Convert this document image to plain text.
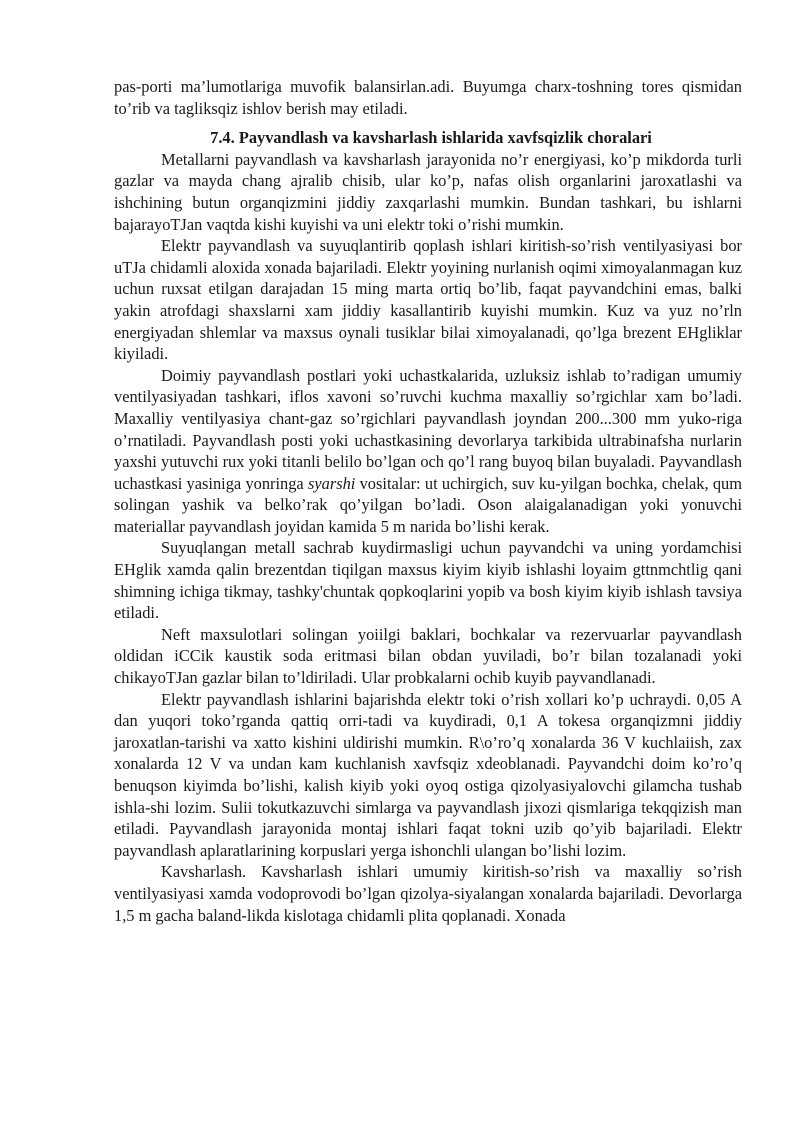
pas-porti ma’lumotlariga muvofik balansirlan.adi. Buyumga charx-toshning tores qismidan to’rib va tagliksqiz ishlov berish may etiladi.

7.4. Payvandlash va kavsharlash ishlarida xavfsqizlik choralari

Metallarni payvandlash va kavsharlash jarayonida no’r energiyasi, ko’p mikdorda turli gazlar va mayda chang ajralib chisib, ular ko’p, nafas olish organlarini jaroxatlashi va ishchining butun organqizmini jiddiy zaxqarlashi mumkin. Bundan tashkari, bu ishlarni bajarayoTJan vaqtda kishi kuyishi va uni elektr toki o’rishi mumkin.

Elektr payvandlash va suyuqlantirib qoplash ishlari kiritish-so’rish ventilyasiyasi bor uTJa chidamli aloxida xonada bajariladi. Elektr yoyining nurlanish oqimi ximoyalanmagan kuz uchun ruxsat etilgan darajadan 15 ming marta ortiq bo’lib, faqat payvandchini emas, balki yakin atrofdagi shaxslarni xam jiddiy kasallantirib kuyishi mumkin. Kuz va yuz no’rln energiyadan shlemlar va maxsus oynali tusiklar bilai ximoyalanadi, qo’lga brezent EHgliklar kiyiladi.

Doimiy payvandlash postlari yoki uchastkalarida, uzluksiz ishlab to’radigan umumiy ventilyasiyadan tashkari, iflos xavoni so’ruvchi kuchma maxalliy so’rgichlar xam bo’ladi. Maxalliy ventilyasiya chant-gaz so’rgichlari payvandlash joyndan 200...300 mm yuko-riga o’rnatiladi. Payvandlash posti yoki uchastkasining devorlarya tarkibida ultrabinafsha nurlarin yaxshi yutuvchi rux yoki titanli belilo bo’lgan och qo’l rang buyoq bilan buyaladi. Payvandlash uchastkasi yasiniga yonringa syarshi vositalar: ut uchirgich, suv ku-yilgan bochka, chelak, qum solingan yashik va belko’rak qo’yilgan bo’ladi. Oson alaigalanadigan yoki yonuvchi materiallar payvandlash joyidan kamida 5 m narida bo’lishi kerak.

Suyuqlangan metall sachrab kuydirmasligi uchun payvandchi va uning yordamchisi EHglik xamda qalin brezentdan tiqilgan maxsus kiyim kiyib ishlashi loyaim gttnmchtlig qani shimning ichiga tikmay, tashky'chuntak qopkoqlarini yopib va bosh kiyim kiyib ishlash tavsiya etiladi.

Neft maxsulotlari solingan yoiilgi baklari, bochkalar va rezervuarlar payvandlash oldidan iCCik kaustik soda eritmasi bilan obdan yuviladi, bo’r bilan tozalanadi yoki chikayoTJan gazlar bilan to’ldiriladi. Ular probkalarni ochib kuyib payvandlanadi.

Elektr payvandlash ishlarini bajarishda elektr toki o’rish xollari ko’p uchraydi. 0,05 A dan yuqori toko’rganda qattiq orri-tadi va kuydiradi, 0,1 A tokesa organqizmni jiddiy jaroxatlan-tarishi va xatto kishini uldirishi mumkin. R\o’ro’q xonalarda 36 V kuchlaiish, zax xonalarda 12 V va undan kam kuchlanish xavfsqiz xdeoblanadi. Payvandchi doim ko’ro’q benuqson kiyimda bo’lishi, kalish kiyib yoki oyoq ostiga qizolyasiyalovchi gilamcha tushab ishla-shi lozim. Sulii tokutkazuvchi simlarga va payvandlash jixozi qismlariga tekqqizish man etiladi. Payvandlash jarayonida montaj ishlari faqat tokni uzib qo’yib bajariladi. Elektr payvandlash aplaratlarining korpuslari yerga ishonchli ulangan bo’lishi lozim.

Kavsharlash. Kavsharlash ishlari umumiy kiritish-so’rish va maxalliy so’rish ventilyasiyasi xamda vodoprovodi bo’lgan qizolya-siyalangan xonalarda bajariladi. Devorlarga 1,5 m gacha baland-likda kislotaga chidamli plita qoplanadi. Xonada
